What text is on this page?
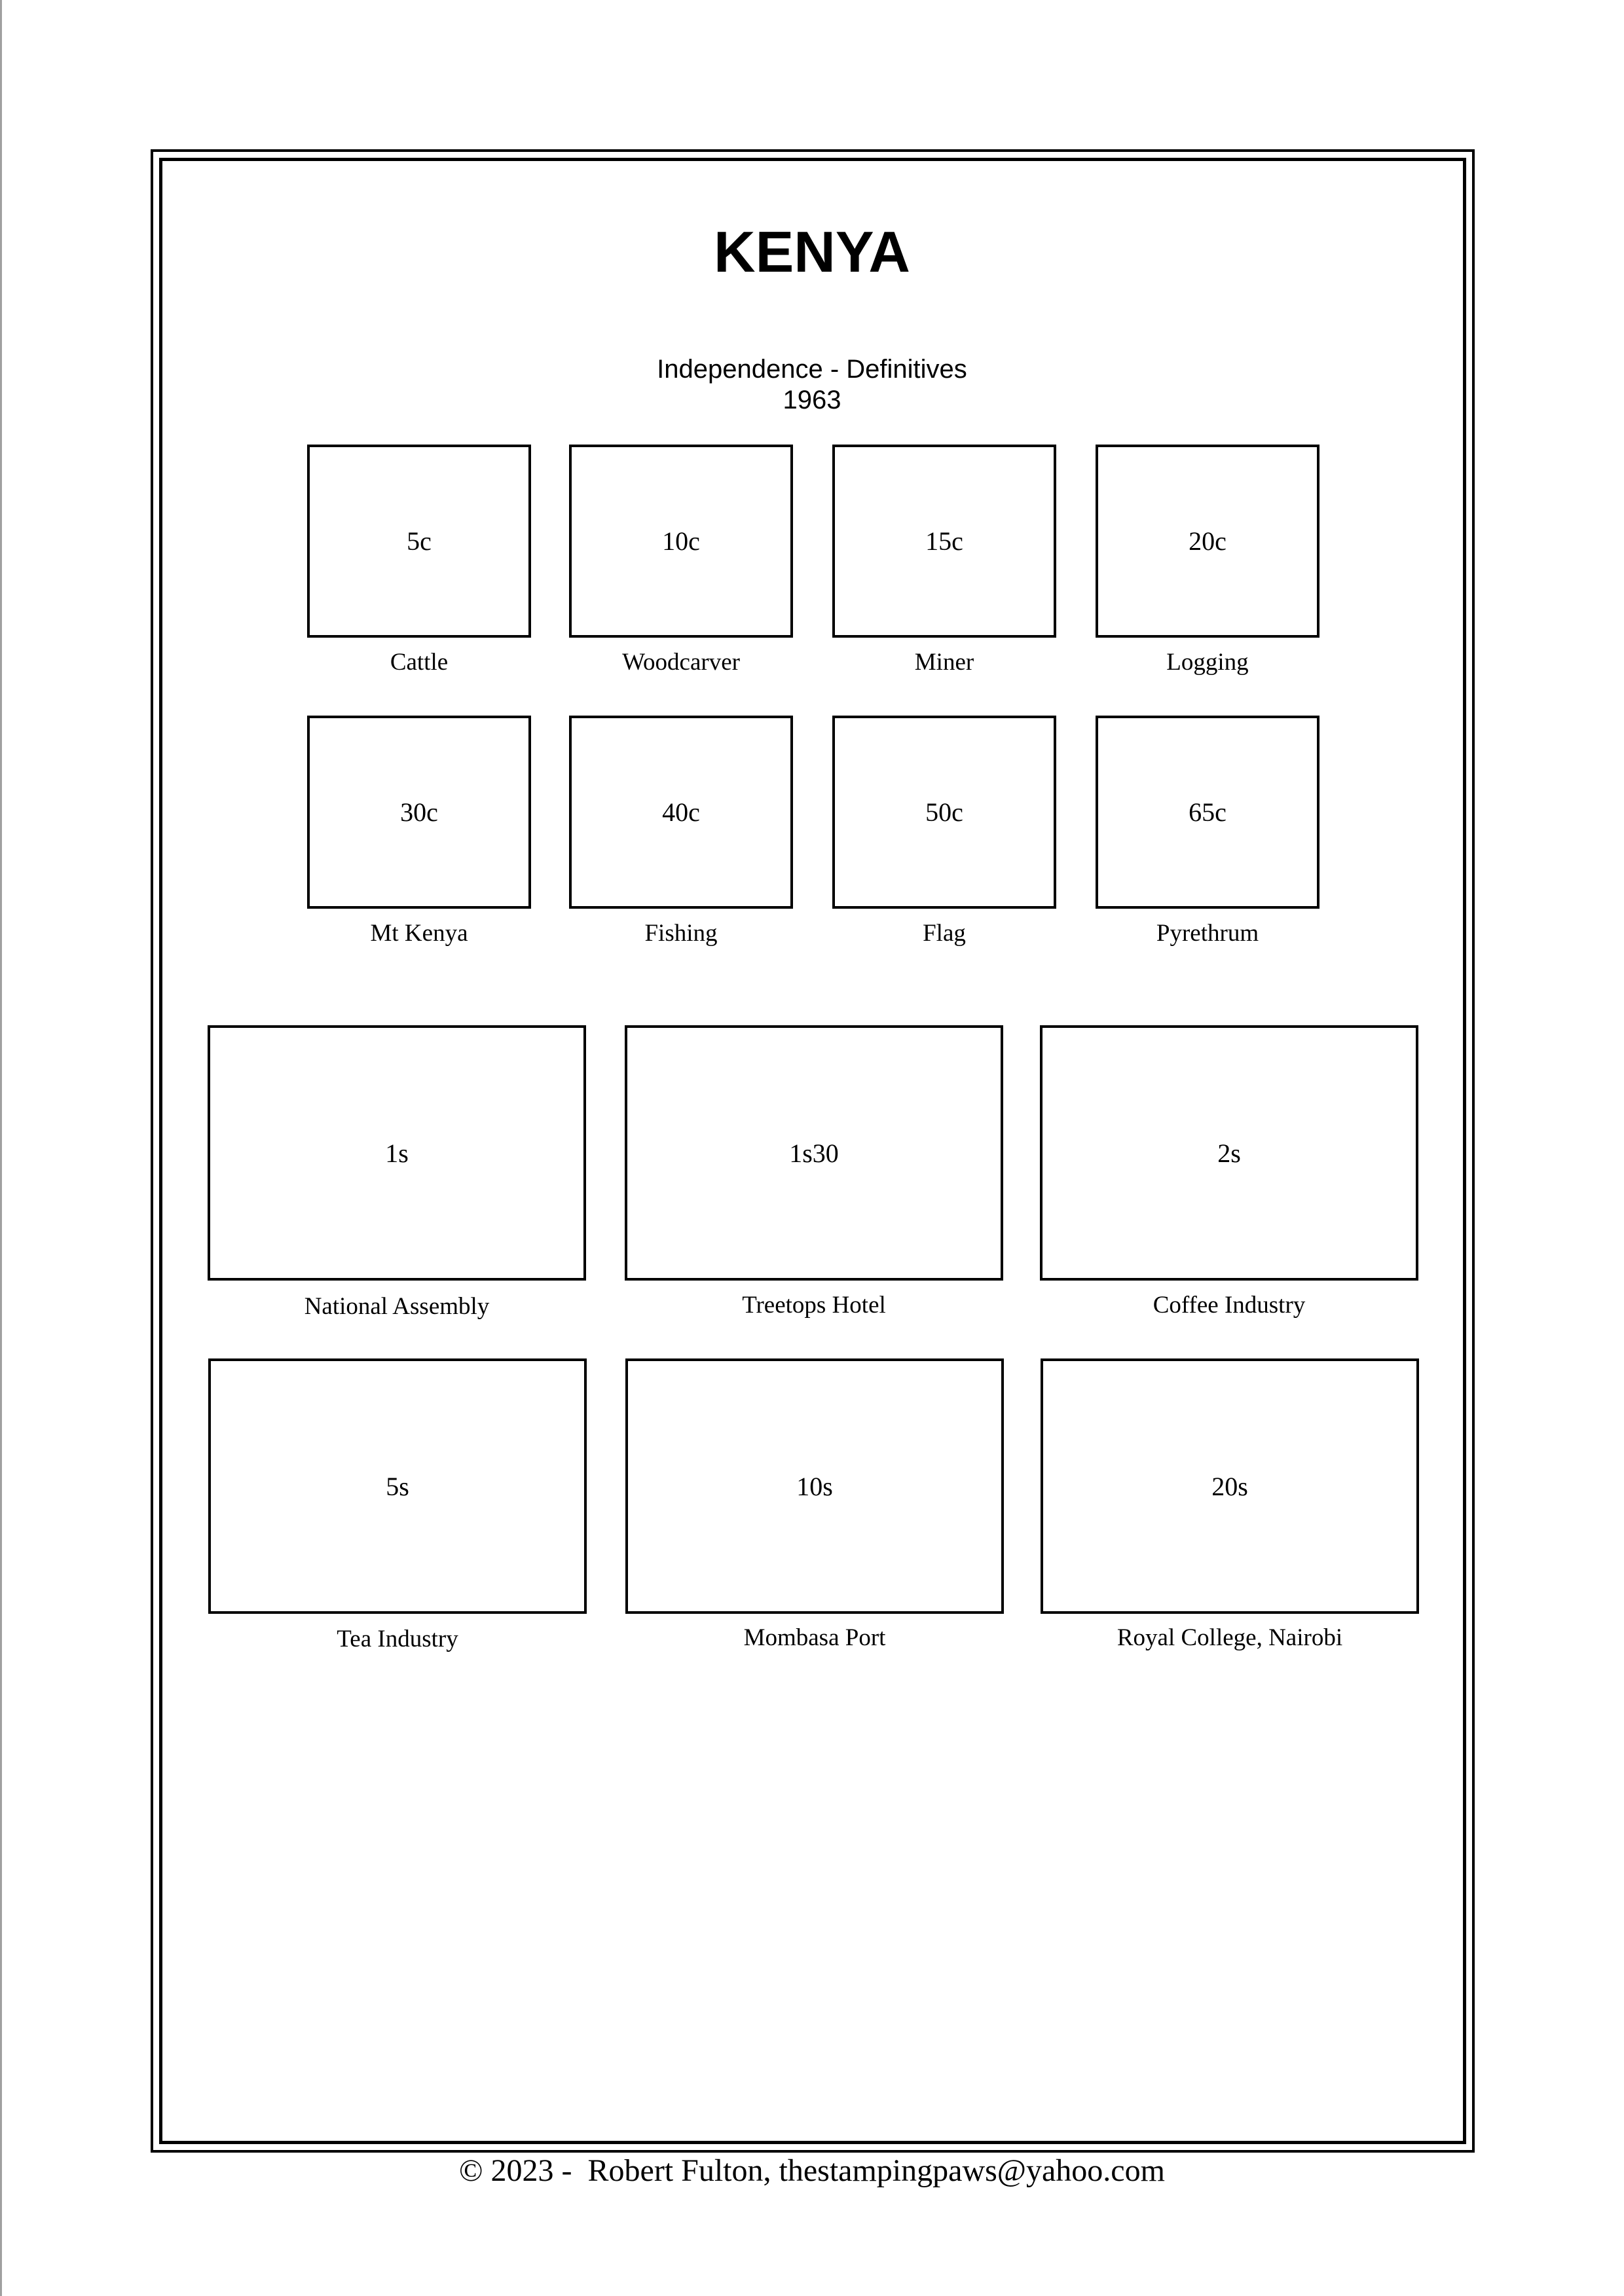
KENYA
Independence - Definitives
1963
5c
Cattle
10c
Woodcarver
15c
Miner
20c
Logging
30c
Mt Kenya
40c
Fishing
50c
Flag
65c
Pyrethrum
1s
National Assembly
1s30
Treetops Hotel
2s
Coffee Industry
5s
Tea Industry
10s
Mombasa Port
20s
Royal College, Nairobi
© 2023 -  Robert Fulton, thestampingpaws@yahoo.com
